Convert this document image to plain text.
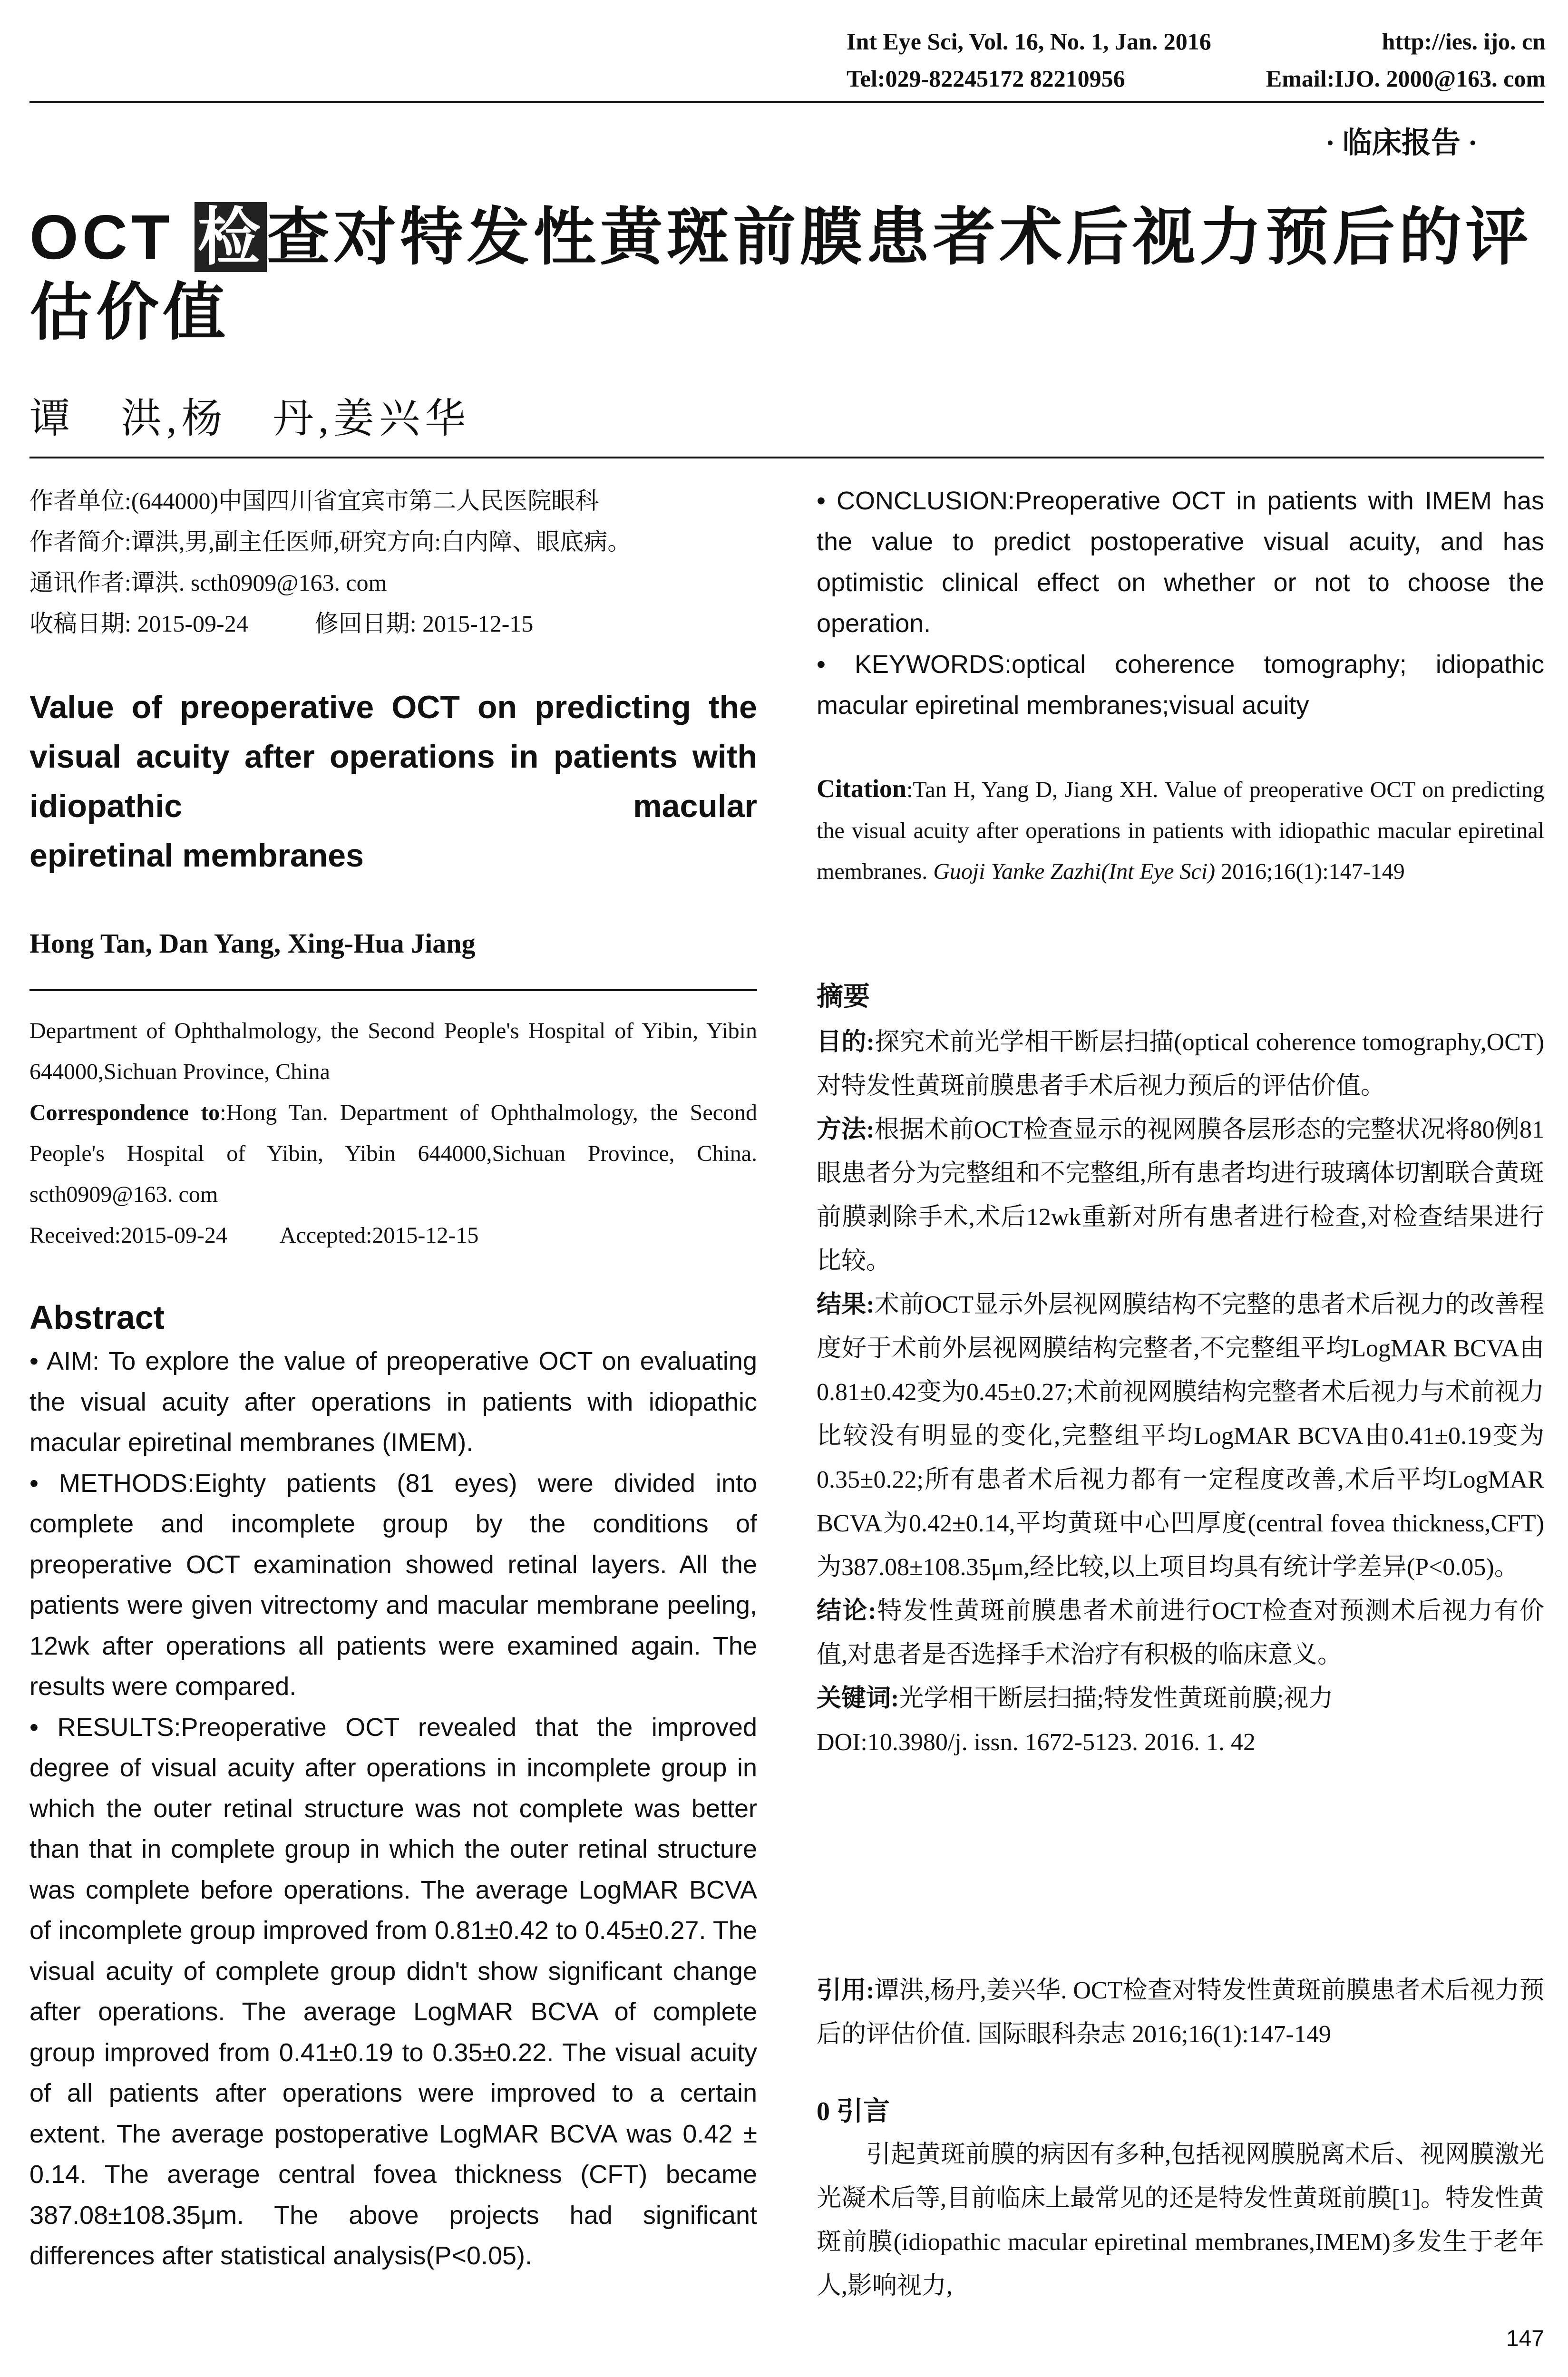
Int Eye Sci, Vol. 16, No. 1, Jan. 2016	http://ies. ijo. cn
Tel:029-82245172 82210956	Email:IJO. 2000@163. com
· 临床报告 ·
OCT 检查对特发性黄斑前膜患者术后视力预后的评估价值
谭　洪,杨　丹,姜兴华
作者单位:(644000)中国四川省宜宾市第二人民医院眼科
作者简介:谭洪,男,副主任医师,研究方向:白内障、眼底病。
通讯作者:谭洪. scth0909@163. com
收稿日期: 2015-09-24	修回日期: 2015-12-15
Value of preoperative OCT on predicting the visual acuity after operations in patients with idiopathic macular
epiretinal membranes
Hong Tan, Dan Yang, Xing-Hua Jiang
Department of Ophthalmology, the Second People's Hospital of Yibin, Yibin 644000,Sichuan Province, China
Correspondence to:Hong Tan. Department of Ophthalmology, the Second People's Hospital of Yibin, Yibin 644000,Sichuan Province, China. scth0909@163. com
Received:2015-09-24 Accepted:2015-12-15
Abstract

• AIM: To explore the value of preoperative OCT on evaluating the visual acuity after operations in patients with idiopathic macular epiretinal membranes (IMEM).

• METHODS:Eighty patients (81 eyes) were divided into complete and incomplete group by the conditions of preoperative OCT examination showed retinal layers. All the patients were given vitrectomy and macular membrane peeling, 12wk after operations all patients were examined again. The results were compared.

• RESULTS:Preoperative OCT revealed that the improved degree of visual acuity after operations in incomplete group in which the outer retinal structure was not complete was better than that in complete group in which the outer retinal structure was complete before operations. The average LogMAR BCVA of incomplete group improved from 0.81±0.42 to 0.45±0.27. The visual acuity of complete group didn't show significant change after operations. The average LogMAR BCVA of complete group improved from 0.41±0.19 to 0.35±0.22. The visual acuity of all patients after operations were improved to a certain extent. The average postoperative LogMAR BCVA was 0.42 ± 0.14. The average central fovea thickness (CFT) became 387.08±108.35μm. The above projects had significant differences after statistical analysis(P<0.05).

• CONCLUSION:Preoperative OCT in patients with IMEM has the value to predict postoperative visual acuity, and has optimistic clinical effect on whether or not to choose the operation.

• KEYWORDS:optical coherence tomography; idiopathic macular epiretinal membranes;visual acuity

Citation:Tan H, Yang D, Jiang XH. Value of preoperative OCT on predicting the visual acuity after operations in patients with idiopathic macular epiretinal membranes. Guoji Yanke Zazhi(Int Eye Sci) 2016;16(1):147-149

摘要

目的:探究术前光学相干断层扫描(optical coherence tomography,OCT)对特发性黄斑前膜患者手术后视力预后的评估价值。

方法:根据术前OCT检查显示的视网膜各层形态的完整状况将80例81眼患者分为完整组和不完整组,所有患者均进行玻璃体切割联合黄斑前膜剥除手术,术后12wk重新对所有患者进行检查,对检查结果进行比较。

结果:术前OCT显示外层视网膜结构不完整的患者术后视力的改善程度好于术前外层视网膜结构完整者,不完整组平均LogMAR BCVA由0.81±0.42变为0.45±0.27;术前视网膜结构完整者术后视力与术前视力比较没有明显的变化,完整组平均LogMAR BCVA由0.41±0.19变为0.35±0.22;所有患者术后视力都有一定程度改善,术后平均LogMAR BCVA为0.42±0.14,平均黄斑中心凹厚度(central fovea thickness,CFT)为387.08±108.35μm,经比较,以上项目均具有统计学差异(P<0.05)。

结论:特发性黄斑前膜患者术前进行OCT检查对预测术后视力有价值,对患者是否选择手术治疗有积极的临床意义。

关键词:光学相干断层扫描;特发性黄斑前膜;视力

DOI:10.3980/j. issn. 1672-5123. 2016. 1. 42

引用:谭洪,杨丹,姜兴华. OCT检查对特发性黄斑前膜患者术后视力预后的评估价值. 国际眼科杂志 2016;16(1):147-149
0 引言
引起黄斑前膜的病因有多种,包括视网膜脱离术后、视网膜激光光凝术后等,目前临床上最常见的还是特发性黄斑前膜[1]。特发性黄斑前膜(idiopathic macular epiretinal membranes,IMEM)多发生于老年人,影响视力,
147
